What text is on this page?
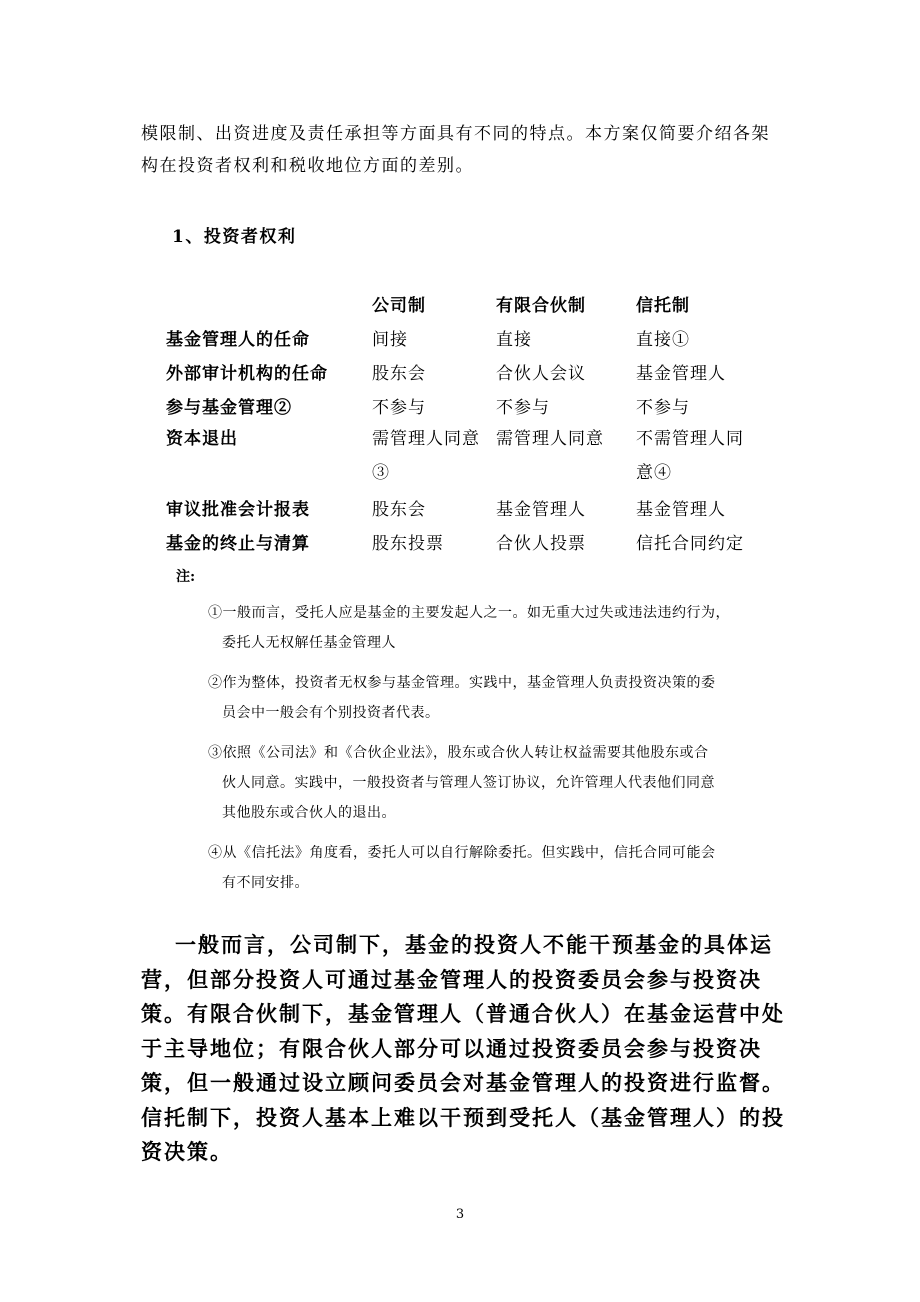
模限制、出资进度及责任承担等方面具有不同的特点。本方案仅简要介绍各架

构在投资者权利和税收地位方面的差别。

1、投资者权利
	公司制	有限合伙制	信托制
基金管理人的任命	间接	直接	直接①
外部审计机构的任命	股东会	合伙人会议	基金管理人
参与基金管理②	不参与	不参与	不参与
资本退出	需管理人同意③	需管理人同意	不需管理人同意④
审议批准会计报表	股东会	基金管理人	基金管理人
基金的终止与清算	股东投票	合伙人投票	信托合同约定
注:
①一般而言，受托人应是基金的主要发起人之一。如无重大过失或违法违约行为，
委托人无权解任基金管理人
②作为整体，投资者无权参与基金管理。实践中，基金管理人负责投资决策的委
员会中一般会有个别投资者代表。
③依照《公司法》和《合伙企业法》，股东或合伙人转让权益需要其他股东或合
伙人同意。实践中，一般投资者与管理人签订协议，允许管理人代表他们同意
其他股东或合伙人的退出。
④从《信托法》角度看，委托人可以自行解除委托。但实践中，信托合同可能会
有不同安排。

一般而言，公司制下，基金的投资人不能干预基金的具体运营，但部分投资人可通过基金管理人的投资委员会参与投资决策。有限合伙制下，基金管理人（普通合伙人）在基金运营中处于主导地位；有限合伙人部分可以通过投资委员会参与投资决策，但一般通过设立顾问委员会对基金管理人的投资进行监督。信托制下，投资人基本上难以干预到受托人（基金管理人）的投资决策。

3
